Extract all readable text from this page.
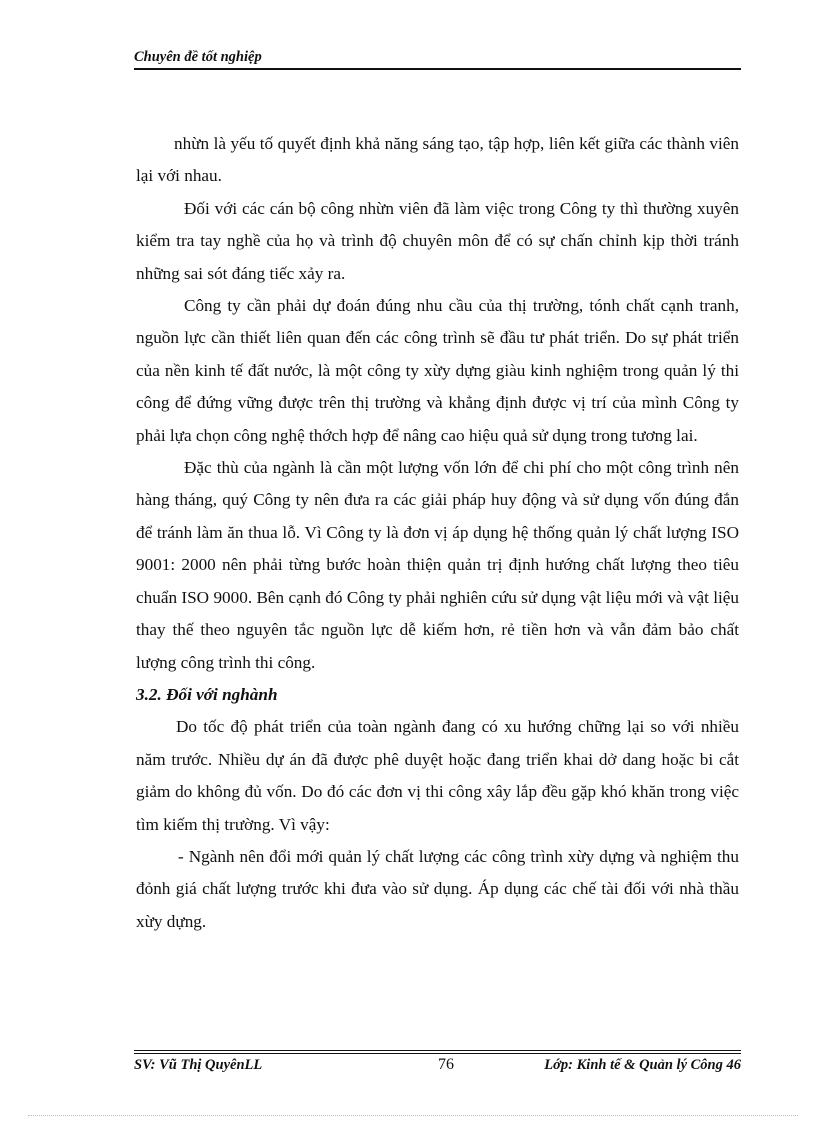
Chuyên đề tốt nghiệp

nhừn là yếu tố quyết định khả năng sáng tạo, tập hợp, liên kết giữa các thành viên lại với nhau.

Đối với các cán bộ công nhừn viên đã làm việc trong Công ty thì thường xuyên kiểm tra tay nghề của họ và trình độ chuyên môn để có sự chấn chỉnh kịp thời tránh những sai sót đáng tiếc xảy ra.

Công ty cần phải dự đoán đúng nhu cầu của thị trường, tónh chất cạnh tranh, nguồn lực cần thiết liên quan đến các công trình sẽ đầu tư phát triển. Do sự phát triển của nền kinh tế đất nước, là một công ty xừy dựng giàu kinh nghiệm trong quản lý thi công để đứng vững được trên thị trường và khẳng định được vị trí của mình Công ty phải lựa chọn công nghệ thớch hợp để nâng cao hiệu quả sử dụng trong tương lai.

Đặc thù của ngành là cần một lượng vốn lớn để chi phí cho một công trình nên hàng tháng, quý Công ty nên đưa ra các giải pháp huy động và sử dụng vốn đúng đắn để tránh làm ăn thua lỗ. Vì Công ty là đơn vị áp dụng hệ thống quản lý chất lượng ISO 9001: 2000 nên phải từng bước hoàn thiện quản trị định hướng chất lượng theo tiêu chuẩn ISO 9000. Bên cạnh đó Công ty phải nghiên cứu sử dụng vật liệu mới và vật liệu thay thế theo nguyên tắc nguồn lực dễ kiếm hơn, rẻ tiền hơn và vẫn đảm bảo chất lượng công trình thi công.

3.2. Đối với nghành

Do tốc độ phát triển của toàn ngành đang có xu hướng chững lại so với nhiều năm trước. Nhiều dự án đã được phê duyệt hoặc đang triển khai dở dang hoặc bi cắt giảm do không đủ vốn. Do đó các đơn vị thi công xây lắp đều gặp khó khăn trong việc tìm kiếm thị trường. Vì vậy:

- Ngành nên đổi mới quản lý chất lượng các công trình xừy dựng và nghiệm thu đỏnh giá chất lượng trước khi đưa vào sử dụng. Áp dụng các chế tài đối với nhà thầu xừy dựng.

SV: Vũ Thị QuyênLL	76	Lớp: Kinh tế & Quản lý Công 46
